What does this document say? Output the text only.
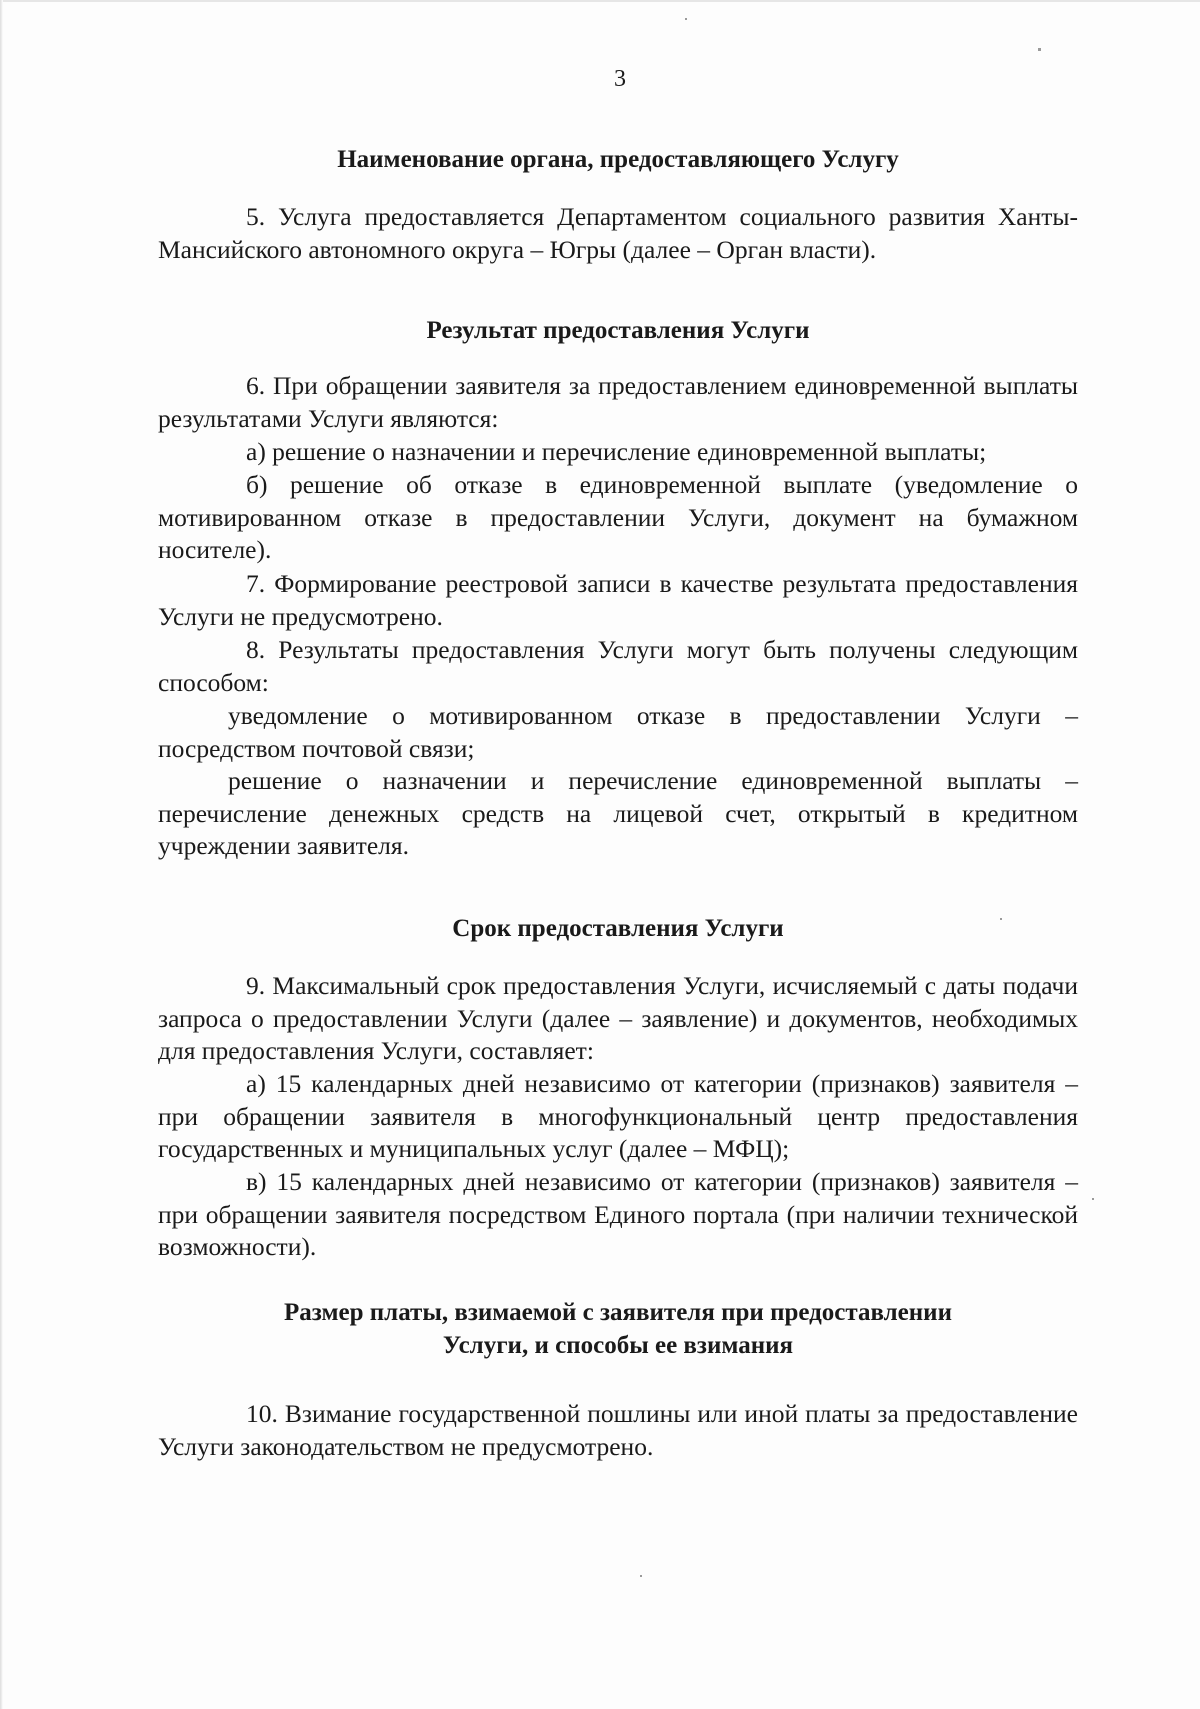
3
Наименование органа, предоставляющего Услугу
5. Услуга предоставляется Департаментом социального развития Ханты-Мансийского автономного округа – Югры (далее – Орган власти).
Результат предоставления Услуги
6. При обращении заявителя за предоставлением единовременной выплаты результатами Услуги являются:
а) решение о назначении и перечисление единовременной выплаты;
б) решение об отказе в единовременной выплате (уведомление о мотивированном отказе в предоставлении Услуги, документ на бумажном носителе).
7. Формирование реестровой записи в качестве результата предоставления Услуги не предусмотрено.
8. Результаты предоставления Услуги могут быть получены следующим способом:
уведомление о мотивированном отказе в предоставлении Услуги – посредством почтовой связи;
решение о назначении и перечисление единовременной выплаты – перечисление денежных средств на лицевой счет, открытый в кредитном учреждении заявителя.
Срок предоставления Услуги
9. Максимальный срок предоставления Услуги, исчисляемый с даты подачи запроса о предоставлении Услуги (далее – заявление) и документов, необходимых для предоставления Услуги, составляет:
а) 15 календарных дней независимо от категории (признаков) заявителя – при обращении заявителя в многофункциональный центр предоставления государственных и муниципальных услуг (далее – МФЦ);
в) 15 календарных дней независимо от категории (признаков) заявителя – при обращении заявителя посредством Единого портала (при наличии технической возможности).
Размер платы, взимаемой с заявителя при предоставлении
Услуги, и способы ее взимания
10. Взимание государственной пошлины или иной платы за предоставление Услуги законодательством не предусмотрено.
